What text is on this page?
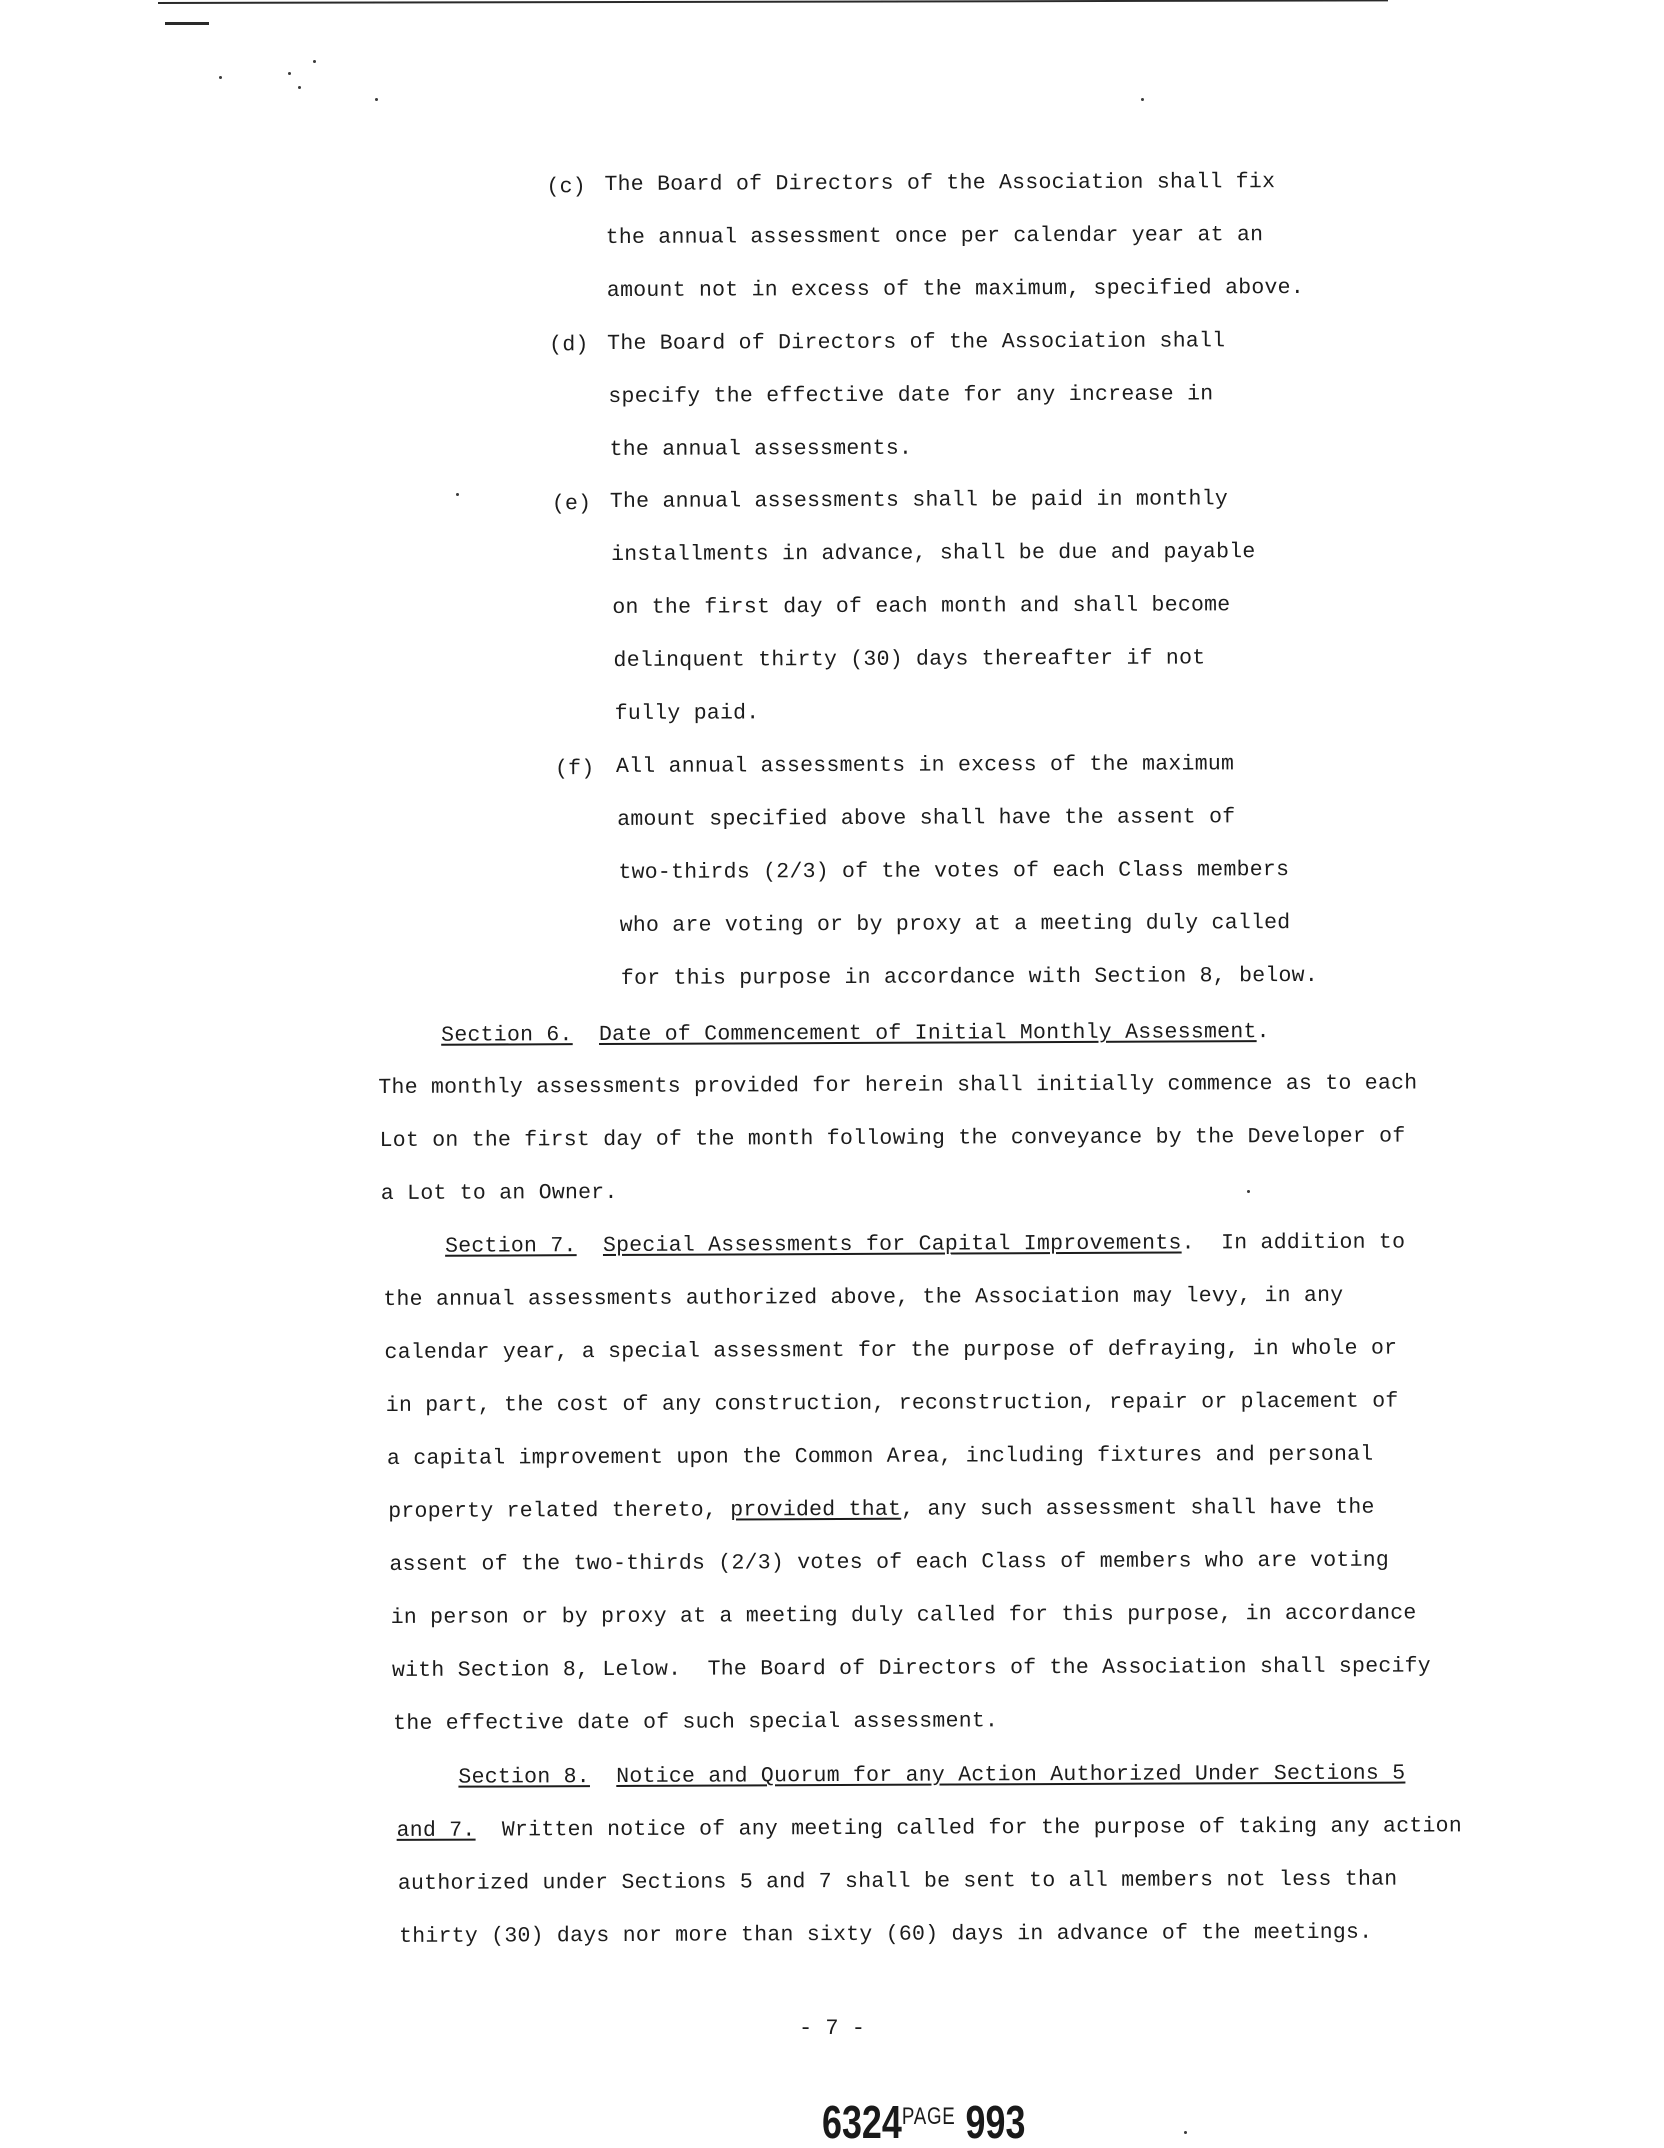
(c) The Board of Directors of the Association shall fix
the annual assessment once per calendar year at an
amount not in excess of the maximum, specified above.
(d) The Board of Directors of the Association shall
specify the effective date for any increase in
the annual assessments.
(e) The annual assessments shall be paid in monthly
installments in advance, shall be due and payable
on the first day of each month and shall become
delinquent thirty (30) days thereafter if not
fully paid.
(f) All annual assessments in excess of the maximum
amount specified above shall have the assent of
two-thirds (2/3) of the votes of each Class members
who are voting or by proxy at a meeting duly called
for this purpose in accordance with Section 8, below.
Section 6. Date of Commencement of Initial Monthly Assessment.
The monthly assessments provided for herein shall initially commence as to each
Lot on the first day of the month following the conveyance by the Developer of
a Lot to an Owner.
Section 7. Special Assessments for Capital Improvements.  In addition to
the annual assessments authorized above, the Association may levy, in any
calendar year, a special assessment for the purpose of defraying, in whole or
in part, the cost of any construction, reconstruction, repair or placement of
a capital improvement upon the Common Area, including fixtures and personal
property related thereto, provided that, any such assessment shall have the
assent of the two-thirds (2/3) votes of each Class of members who are voting
in person or by proxy at a meeting duly called for this purpose, in accordance
with Section 8, Lelow.  The Board of Directors of the Association shall specify
the effective date of such special assessment.
Section 8. Notice and Quorum for any Action Authorized Under Sections 5
and 7.  Written notice of any meeting called for the purpose of taking any action
authorized under Sections 5 and 7 shall be sent to all members not less than
thirty (30) days nor more than sixty (60) days in advance of the meetings.
- 7 -
$6324^{PAGE}$ 993
